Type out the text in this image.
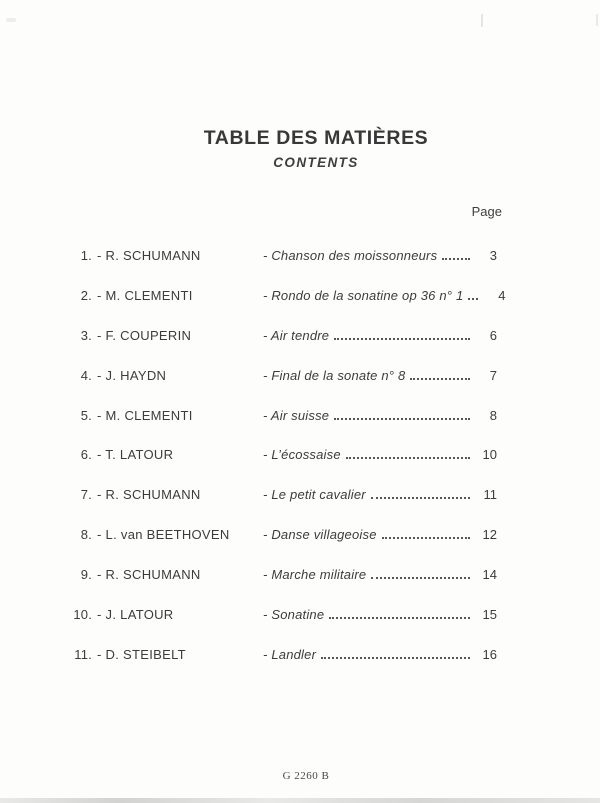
TABLE DES MATIÈRES
CONTENTS
Page
1. - R. SCHUMANN	- Chanson des moissonneurs	3
2. - M. CLEMENTI	- Rondo de la sonatine op 36 n° 1	4
3. - F. COUPERIN	- Air tendre	6
4. - J. HAYDN	- Final de la sonate n° 8	7
5. - M. CLEMENTI	- Air suisse	8
6. - T. LATOUR	- L’écossaise	10
7. - R. SCHUMANN	- Le petit cavalier	11
8. - L. van BEETHOVEN	- Danse villageoise	12
9. - R. SCHUMANN	- Marche militaire	14
10. - J. LATOUR	- Sonatine	15
11. - D. STEIBELT	- Landler	16
G 2260 B
